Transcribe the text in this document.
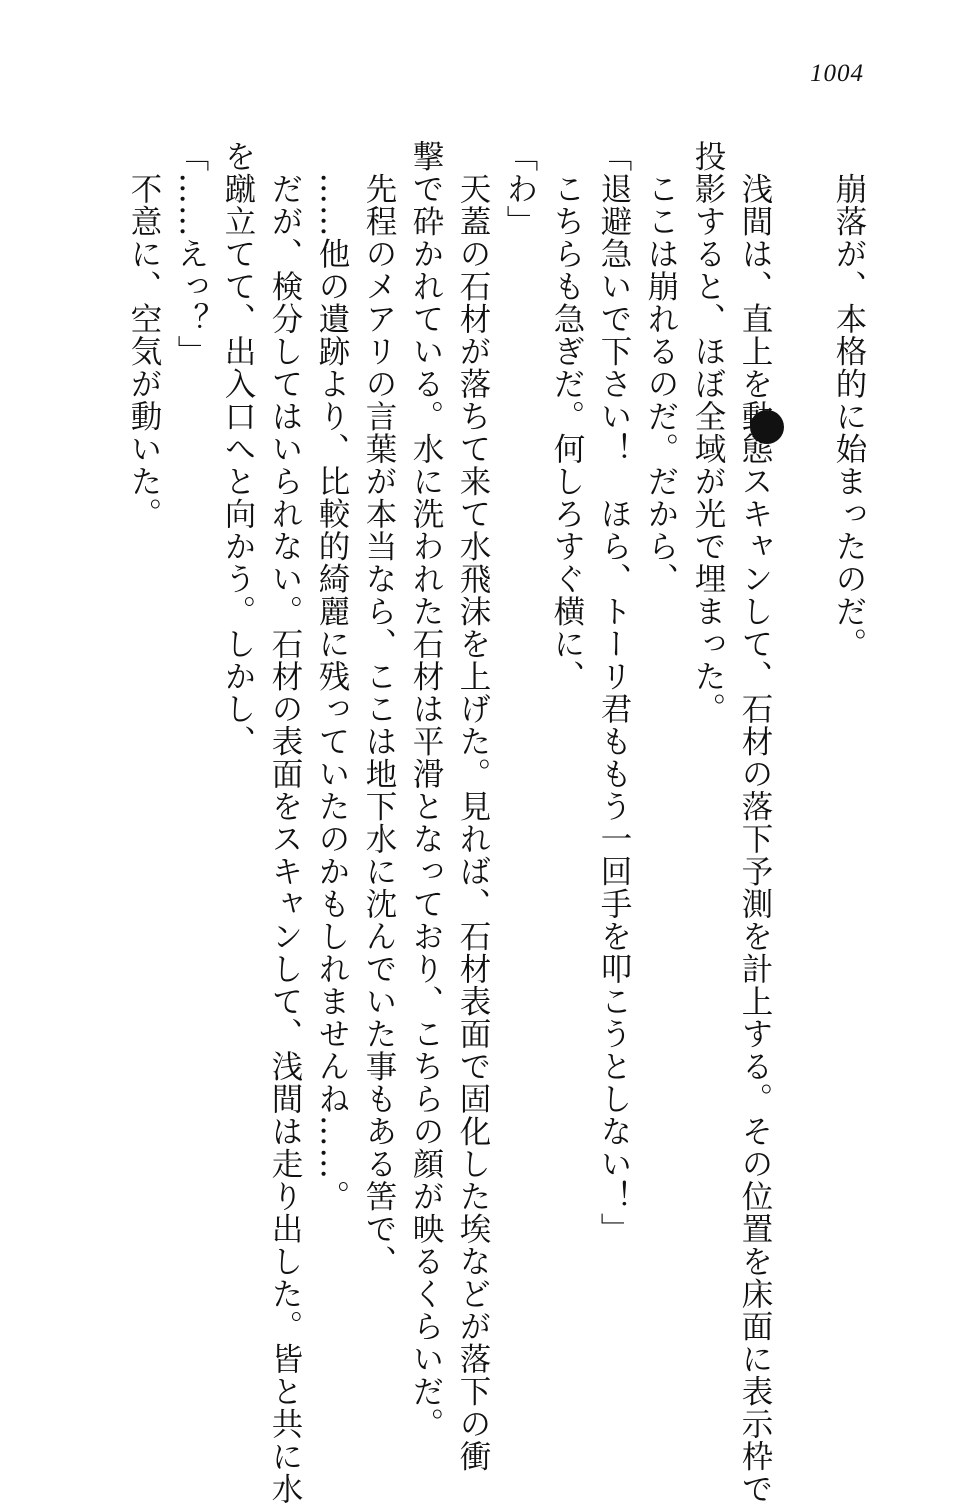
1004
　崩落が、本格的に始まったのだ。

　浅間は、直上を動態スキャンして、石材の落下予測を計上する。その位置を床面に表示枠で
投影すると、ほぼ全域が光で埋まった。
　ここは崩れるのだ。だから、
「退避急いで下さい！　ほら、トーリ君ももう一回手を叩こうとしない！」
　こちらも急ぎだ。何しろすぐ横に、
「わ」
　天蓋の石材が落ちて来て水飛沫を上げた。見れば、石材表面で固化した埃などが落下の衝
撃で砕かれている。水に洗われた石材は平滑となっており、こちらの顔が映るくらいだ。
　先程のメアリの言葉が本当なら、ここは地下水に沈んでいた事もある筈で、
　……他の遺跡より、比較的綺麗に残っていたのかもしれませんね……。
　だが、検分してはいられない。石材の表面をスキャンして、浅間は走り出した。皆と共に水
を蹴立てて、出入口へと向かう。しかし、
「……えっ？」
　不意に、空気が動いた。
